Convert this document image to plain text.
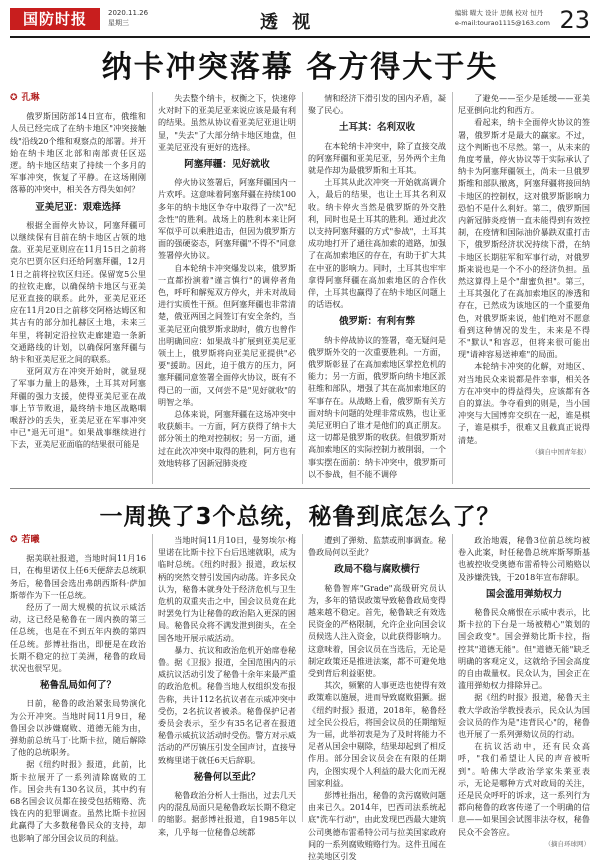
国防时报	2020.11.26
星期三	透 视	编辑 曜大 设计 思佩 校对 恒丹
e-mail:tourao1115@163.com 23
纳卡冲突落幕 各方得大于失
✪ 孔琳

俄罗斯国防部14日宣布，俄维和人员已经完成了在纳卡地区"冲突接触线"沿线20个维和观察点的部署。并开始在纳卡地区北部和南部责任区巡逻。纳卡地区结束了持续一个多月的军事冲突，恢复了平静。在这场刚刚落幕的冲突中，相关各方得失如何？

亚美尼亚：艰难选择

根据全面停火协议，阿塞拜疆可以继续保有目前在纳卡地区占领的地盘。亚美尼亚则应在11月15日之前将克尔巴贾尔区归还给阿塞拜疆，12月1日之前将拉钦区归还。保留宽5公里的拉钦走廊，以确保纳卡地区与亚美尼亚直接的联系。此外，亚美尼亚还应在11月20日之前移交阿格达姆区和其古有的部分加扎赫区土地，未来三年里，将制定沿拉钦走廊建造一条新交通路线的计划，以确保阿塞拜疆与纳卡和亚美尼亚之间的联系。

亚阿双方在冲突开始时，就显现了军事力量上的悬殊，土耳其对阿塞拜疆的强力支援，使得亚美尼亚在战事上节节败退，最终纳卡地区战略咽喉舒沙的丢失，亚美尼亚在军事冲突中已"退无可退"。如果战事继续进行下去，亚美尼亚面临的结果很可能是

失去整个纳卡，权衡之下，快速停火对时下的亚美尼亚来说应该是最有利的结果。虽然从协议看亚美尼亚退让明显，"失去"了大部分纳卡地区地盘，但亚美尼亚没有更好的选择。

阿塞拜疆：见好就收

停火协议签署后，阿塞拜疆国内一片欢呼。这意味着阿塞拜疆在持续100多年的纳卡地区争夺中取得了一次"纪念性"的胜利。战场上的胜利本来让阿军似乎可以乘胜追击，但因为俄罗斯方面的强硬姿态，阿塞拜疆"不得不"同意签署停火协议。

自本轮纳卡冲突爆发以来，俄罗斯一直都扮演着"谨言慎行"的调停者角色，呼吁和解冤双方停火，并未对战局进行实质性干预。但阿塞拜疆也非常清楚，俄亚两国之间签订有安全条约，当亚美尼亚向俄罗斯求助时，俄方也曾作出明确回应：如果战斗扩展到亚美尼亚领土上，俄罗斯将向亚美尼亚提供"必要"援助。因此，迫于俄方的压力，阿塞拜疆同意签署全面停火协议，既有不得已的一面，又何尝不是"见好就收"的明智之举。

总体来说，阿塞拜疆在这场冲突中收获颇丰。一方面，阿方获得了纳卡大部分领土的绝对控制权；另一方面，通过在此次冲突中取得的胜利，阿方也有效地转移了因新冠肺炎疫

情和经济下滑引发的国内矛盾，凝聚了民心。

土耳其：名利双收

在本轮纳卡冲突中，除了直接交战的阿塞拜疆和亚美尼亚，另外两个主角就是作却为最俄罗斯和土耳其。

土耳其从此次冲突一开始就高调介入，最后的结果，也让土耳其名利双收。纳卡停火当然是俄罗斯的外交胜利，同时也是土耳其的胜利。通过此次以支持阿塞拜疆的方式"参战"，土耳其成功地打开了通往高加索的道路，加强了在高加索地区的存在，有助于扩大其在中亚的影响力。同时，土耳其也牢牢拿得阿塞拜疆在高加索地区的合作伙伴，土耳其也赢得了在纳卡地区问题上的话语权。

俄罗斯：有利有弊

纳卡停战协议的签署，毫无疑问是俄罗斯外交的一次重要胜利。一方面，俄罗斯彰显了在高加索地区掌控危机的能力；另一方面，俄罗斯向纳卡地区派驻维和部队，增强了其在高加索地区的军事存在。从战略上看，俄罗斯有关方面对纳卡问题的处理非常成熟，也让亚美尼亚明白了谁才是他们的真正朋友。这一切都是俄罗斯的收获。但俄罗斯对高加索地区的实际控制力被削弱，一个事实摆在面前：纳卡冲突中，俄罗斯可以不参战，但不能不调停

了避免——至少是延缓——亚美尼亚倒向北约和西方。

看起来，纳卡全面停火协议的签署，俄罗斯才是最大的赢家。不过，这个判断也不尽然。第一，从未来的角度考量，停火协议等于实际承认了纳卡为阿塞拜疆领土，尚未一旦俄罗斯维和部队撤离，阿塞拜疆将接回纳卡地区的控制权，这对俄罗斯影响力恐怕不是什么利好。第二，俄罗斯国内新冠肺炎疫情一直未能得到有效控制，在疫情和国际油价暴跌双重打击下，俄罗斯经济状况持续下滑，在纳卡地区长期驻军和军事行动，对俄罗斯来说也是一个不小的经济负担。虽然这算得上是个"甜蜜负担"。第三，土耳其强化了在高加索地区的渗透和存在，已然成为该地区的一个重要角色，对俄罗斯来说，他们绝对不愿意看到这种情况的发生，未来是不得不"默认"和容忍，但将来很可能出现"请神容易送神难"的局面。

本轮纳卡冲突的化解，对地区、对当地民众来说都是件幸事，相关各方在冲突中的得益得失，应该都有各自的算法。争夺看到的则是，当小国冲突与大国博弈交织在一起，谁是棋子，谁是棋手，很难又且截真正说得清楚。

（摘自中国青年报）
一周换了3个总统，秘鲁到底怎么了？
✪ 若曦

据美联社报道，当地时间11月16日，在梅里诺仅上任6天便辞去总统职务后，秘鲁国会选出弗朗西斯科·萨加斯蒂作为下一任总统。

经历了一周大规模的抗议示威活动，这已经是秘鲁在一周内换的第三任总统，也是在不到五年内换的第四任总统。彭博社指出，即便是在政治长期不稳定的拉丁美洲，秘鲁的政局状况也很罕见。

秘鲁乱局如何了？

日前，秘鲁的政治紧张局势演化为公开冲突。当地时间11月9日，秘鲁国会以涉嫌腐败、道德无能为由，弹劾前总统马丁·比斯卡拉，随后解除了他的总统职务。

据《纽约时报》报道，此前，比斯卡拉展开了一系列清除腐败的工作。国会共有130名议员，其中约有68名国会议员都在接受包括贿赂、洗钱在内的犯罪调查。虽然比斯卡拉因此赢得了大多数秘鲁民众的支持，却也影响了部分国会议员的利益。

当地时间11月10日，曼努埃尔·梅里诺在比斯卡拉下台后迅速就职，成为临时总统。《纽约时报》报道，政坛权柄的突然交替引发国内动荡。许多民众认为，秘鲁本就身处于经济危机与卫生危机的双重夹击之中，国会议员竟在此时罢免行为让秘鲁的政治陷入更深的困局。秘鲁民众将不满发泄到街头，在全国各地开展示威活动。

暴力、抗议和政治危机开始席卷秘鲁。据《卫报》报道，全国范围内的示威抗议活动引发了秘鲁十余年来最严重的政治危机。秘鲁当地人权组织发布报告称，共计112名抗议者在示威冲突中受伤，2名抗议者被杀。秘鲁保护记者委员会表示，至少有35名记者在报道秘鲁示威抗议活动时受伤。警方对示威活动的严厉镇压引发全国声讨，直接导致梅里诺于就任6天后辞职。

秘鲁何以至此？

秘鲁政治分析人士指出，过去几天内的混乱局面只是秘鲁政坛长期不稳定的缩影。据彭博社报道，自1985年以来，几乎每一位秘鲁总统都

遭到了弹劾、监禁或刑事调查。秘鲁政局何以至此？

政局不稳与腐败横行

秘鲁智库"Grade"高级研究员认为，多年的错误政策导致秘鲁政局变得越来越不稳定。首先，秘鲁缺乏有效选民资金的严格限制，允许企业向国会议员候选人注入资金，以此获得影响力。这意味着，国会议员在当选后，无论是制定政策还是推进法案，都不可避免地受到背后利益驱使。

其次，频繁的人事更迭也使得有效政策难以施展，进而导致腐败猖獗。据《纽约时报》报道，2018年，秘鲁经过全民公投后，将国会议员的任期缩短为一届，此举初衷是为了及时将能力不足者从国会中剔除，结果却起到了相反作用。部分国会议员会在有限的任期内，企图实现个人利益的最大化而无视国家利益。

彭博社指出，秘鲁的贪污腐败问题由来已久。2014年，巴西司法系统起底"洗车行动"，由此发现巴西最大建筑公司奥德布雷希特公司与拉美国家政府间的一系列腐败贿赂行为。这件丑闻在拉美地区引发

政治地震，秘鲁3位前总统均被卷入此案，时任秘鲁总统库斯琴斯基也被控收受奥德布雷希特公司贿赂以及涉嫌洗钱，于2018年宣布辞职。

国会滥用弹劾权力

秘鲁民众痛恨在示威中表示，比斯卡拉的下台是一场被精心"策划的国会政变"。国会弹劾比斯卡拉，指控其"道德无能"。但"道德无能"缺乏明确的客观定义，这就给予国会高度的自由裁量权。民众认为，国会正在滥用弹劾权力排除异己。

据《纽约时报》报道，秘鲁天主教大学政治学教授表示，民众认为国会议员的作为是"违背民心"的，秘鲁也开展了一系列弹劾议员的行动。

在抗议活动中，还有民众高呼，"我们希望让人民的声音被听到"。哈佛大学政治学家朱莱亚表示，无论是哪种方式对政局的关注，还是民众呼吁的诉求，这一系列行为都向秘鲁的政客传递了一个明确的信息——如果国会试图非法夺权，秘鲁民众不会答应。

（摘自环球网）
